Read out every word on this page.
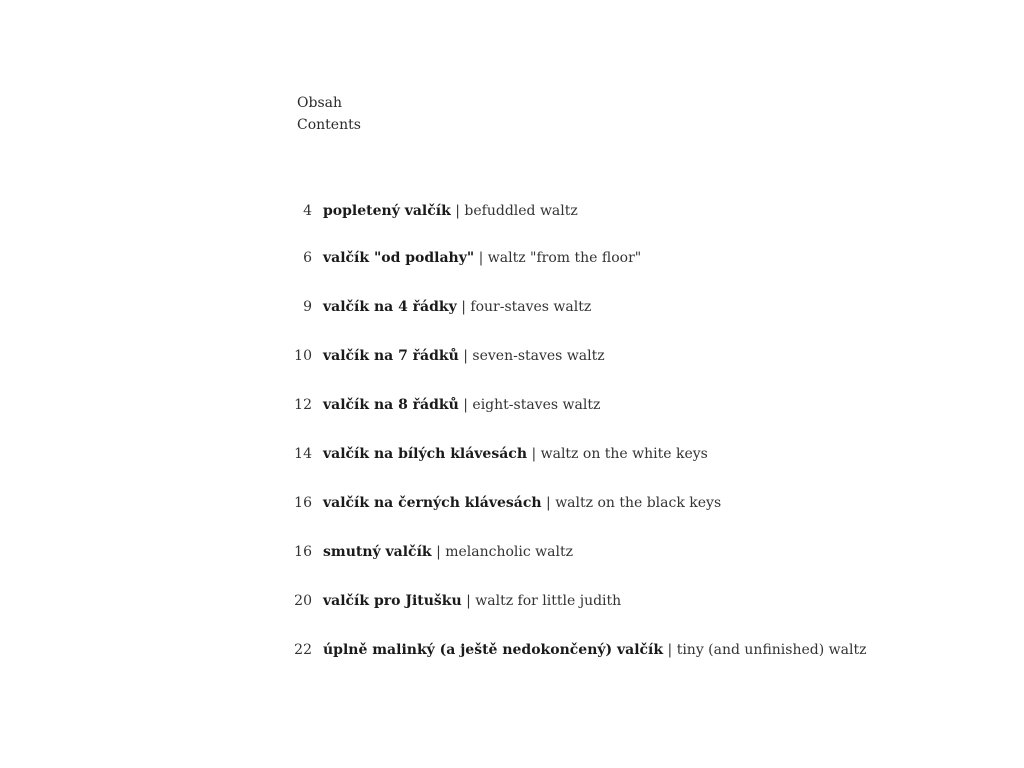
Obsah
Contents
4 popletený valčík | befuddled waltz
6 valčík "od podlahy" | waltz "from the floor"
9 valčík na 4 řádky | four-staves waltz
10 valčík na 7 řádků | seven-staves waltz
12 valčík na 8 řádků | eight-staves waltz
14 valčík na bílých klávesách | waltz on the white keys
16 valčík na černých klávesách | waltz on the black keys
16 smutný valčík | melancholic waltz
20 valčík pro Jitušku | waltz for little judith
22 úplně malinký (a ještě nedokončený) valčík | tiny (and unfinished) waltz
